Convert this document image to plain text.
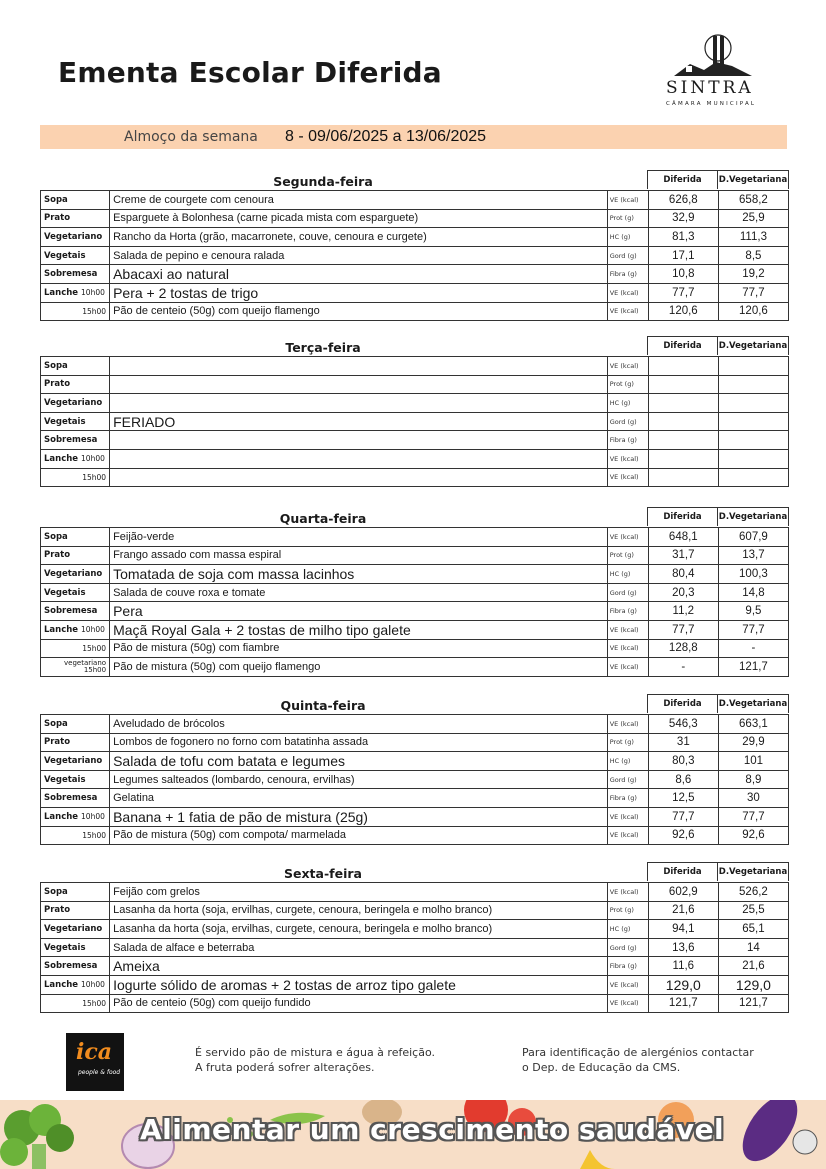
Ementa Escolar Diferida	SINTRA
CÂMARA MUNICIPAL
Almoço da semana 8 - 09/06/2025 a 13/06/2025
Segunda-feira	Diferida	D.Vegetariana
Sopa	Creme de courgete com cenoura	VE (kcal)	626,8	658,2
Prato	Esparguete à Bolonhesa (carne picada mista com esparguete)	Prot (g)	32,9	25,9
Vegetariano	Rancho da Horta (grão, macarronete, couve, cenoura e curgete)	HC (g)	81,3	111,3
Vegetais	Salada de pepino e cenoura ralada	Gord (g)	17,1	8,5
Sobremesa	Abacaxi ao natural	Fibra (g)	10,8	19,2
Lanche 10h00	Pera + 2 tostas de trigo	VE (kcal)	77,7	77,7
15h00	Pão de centeio (50g) com queijo flamengo	VE (kcal)	120,6	120,6
Terça-feira	Diferida	D.Vegetariana
Sopa		VE (kcal)		
Prato		Prot (g)		
Vegetariano		HC (g)		
Vegetais	FERIADO	Gord (g)		
Sobremesa		Fibra (g)		
Lanche 10h00		VE (kcal)		
15h00		VE (kcal)		
Quarta-feira	Diferida	D.Vegetariana
Sopa	Feijão-verde	VE (kcal)	648,1	607,9
Prato	Frango assado com massa espiral	Prot (g)	31,7	13,7
Vegetariano	Tomatada de soja com massa lacinhos	HC (g)	80,4	100,3
Vegetais	Salada de couve roxa e tomate	Gord (g)	20,3	14,8
Sobremesa	Pera	Fibra (g)	11,2	9,5
Lanche 10h00	Maçã Royal Gala + 2 tostas de milho tipo galete	VE (kcal)	77,7	77,7
15h00	Pão de mistura (50g) com fiambre	VE (kcal)	128,8	-
vegetariano
15h00	Pão de mistura (50g) com queijo flamengo	VE (kcal)	-	121,7
Quinta-feira	Diferida	D.Vegetariana
Sopa	Aveludado de brócolos	VE (kcal)	546,3	663,1
Prato	Lombos de fogonero no forno com batatinha assada	Prot (g)	31	29,9
Vegetariano	Salada de tofu com batata e legumes	HC (g)	80,3	101
Vegetais	Legumes salteados (lombardo, cenoura, ervilhas)	Gord (g)	8,6	8,9
Sobremesa	Gelatina	Fibra (g)	12,5	30
Lanche 10h00	Banana + 1 fatia de pão de mistura (25g)	VE (kcal)	77,7	77,7
15h00	Pão de mistura (50g) com compota/ marmelada	VE (kcal)	92,6	92,6
Sexta-feira	Diferida	D.Vegetariana
Sopa	Feijão com grelos	VE (kcal)	602,9	526,2
Prato	Lasanha da horta (soja, ervilhas, curgete, cenoura, beringela e molho branco)	Prot (g)	21,6	25,5
Vegetariano	Lasanha da horta (soja, ervilhas, curgete, cenoura, beringela e molho branco)	HC (g)	94,1	65,1
Vegetais	Salada de alface e beterraba	Gord (g)	13,6	14
Sobremesa	Ameixa	Fibra (g)	11,6	21,6
Lanche 10h00	Iogurte sólido de aromas + 2 tostas de arroz tipo galete	VE (kcal)	129,0	129,0
15h00	Pão de centeio (50g) com queijo fundido	VE (kcal)	121,7	121,7
ica
people & food
É servido pão de mistura e água à refeição.
A fruta poderá sofrer alterações.
Para identificação de alergénios contactar
o Dep. de Educação da CMS.
Alimentar um crescimento saudável
